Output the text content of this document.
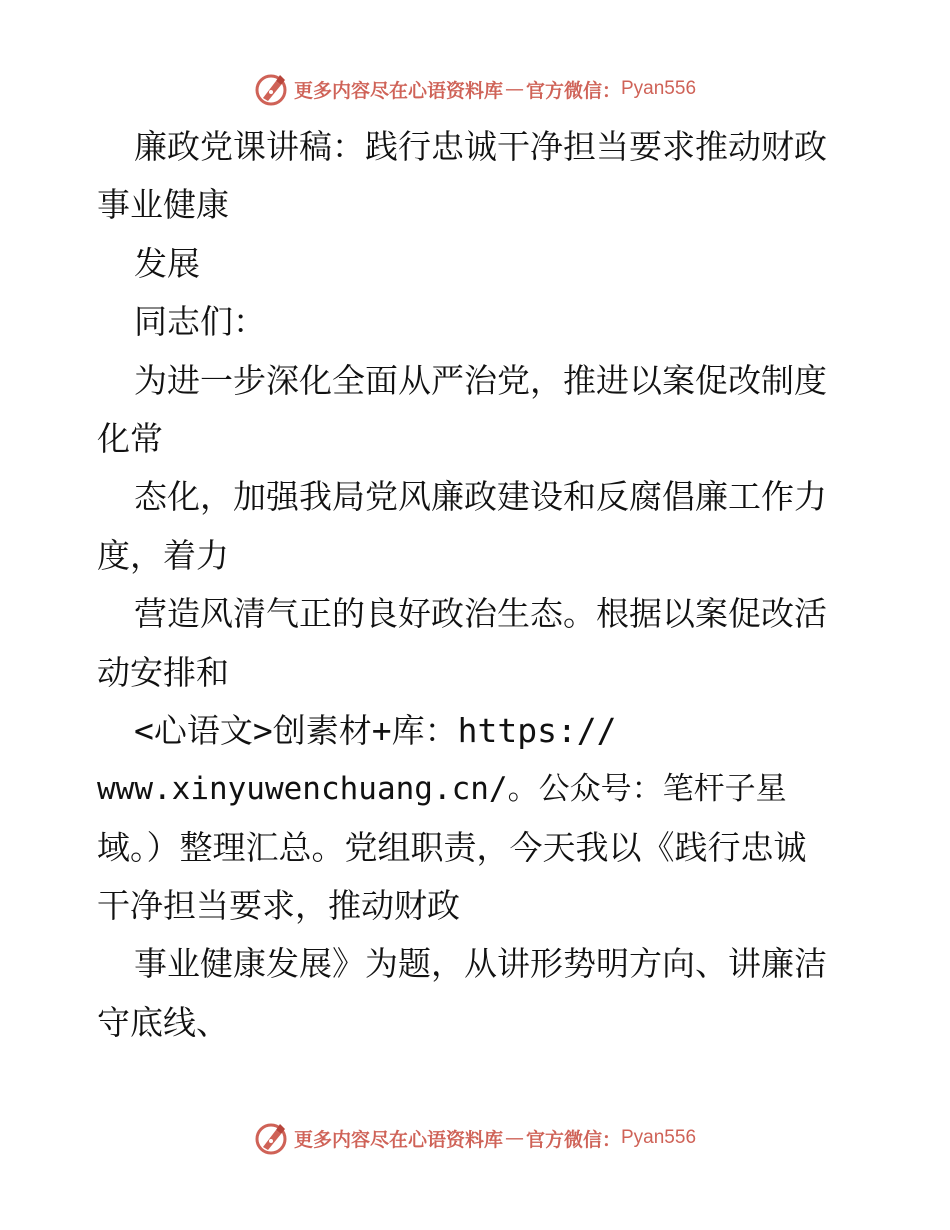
更多内容尽在心语资料库 — 官方微信： Pyan556
廉政党课讲稿：践行忠诚干净担当要求推动财政
事业健康
发展
同志们：
为进一步深化全面从严治党，推进以案促改制度
化常
态化，加强我局党风廉政建设和反腐倡廉工作力
度，着力
营造风清气正的良好政治生态。根据以案促改活
动安排和
<心语文>创素材+库：https://
www.xinyuwenchuang.cn/。公众号：笔杆子星
域。）整理汇总。党组职责，今天我以《践行忠诚
干净担当要求，推动财政
事业健康发展》为题，从讲形势明方向、讲廉洁
守底线、
更多内容尽在心语资料库 — 官方微信： Pyan556
